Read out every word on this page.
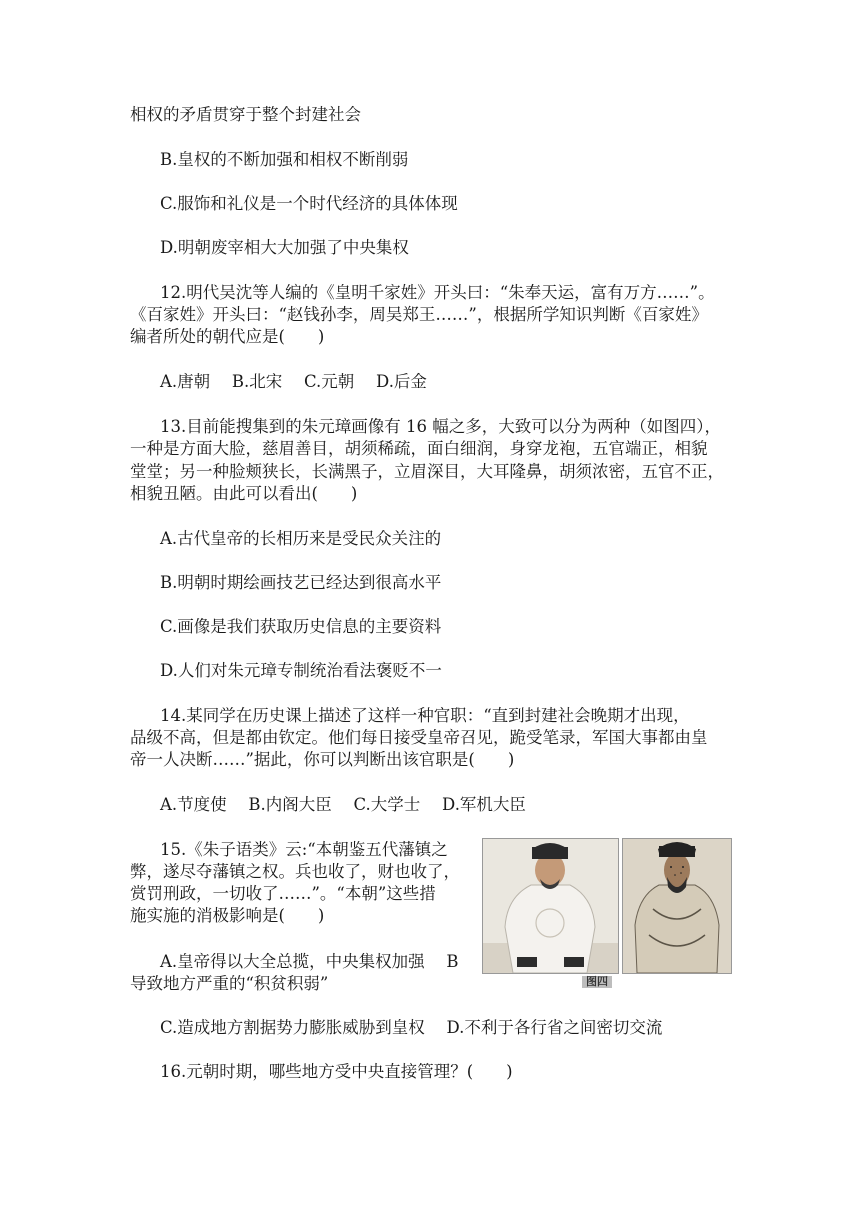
相权的矛盾贯穿于整个封建社会
B.皇权的不断加强和相权不断削弱
C.服饰和礼仪是一个时代经济的具体体现
D.明朝废宰相大大加强了中央集权
12.明代吴沈等人编的《皇明千家姓》开头曰：“朱奉天运，富有万方……”。
《百家姓》开头曰：“赵钱孙李，周吴郑王……”，根据所学知识判断《百家姓》
编者所处的朝代应是(　　)
A.唐朝　 B.北宋　 C.元朝　 D.后金
13.目前能搜集到的朱元璋画像有 16 幅之多，大致可以分为两种（如图四），
一种是方面大脸，慈眉善目，胡须稀疏，面白细润，身穿龙袍，五官端正，相貌
堂堂；另一种脸颊狭长，长满黑子，立眉深目，大耳隆鼻，胡须浓密，五官不正，
相貌丑陋。由此可以看出(　　)
A.古代皇帝的长相历来是受民众关注的
B.明朝时期绘画技艺已经达到很高水平
C.画像是我们获取历史信息的主要资料
D.人们对朱元璋专制统治看法褒贬不一
14.某同学在历史课上描述了这样一种官职：“直到封建社会晚期才出现，
品级不高，但是都由钦定。他们每日接受皇帝召见，跪受笔录，军国大事都由皇
帝一人决断……”据此，你可以判断出该官职是(　　)
A.节度使　 B.内阁大臣　 C.大学士　 D.军机大臣
15.《朱子语类》云:“本朝鉴五代藩镇之
弊，遂尽夺藩镇之权。兵也收了，财也收了，
赏罚刑政，一切收了……”。“本朝”这些措
施实施的消极影响是(　　)
A.皇帝得以大全总揽，中央集权加强　 B
导致地方严重的“积贫积弱”
C.造成地方割据势力膨胀威胁到皇权　 D.不利于各行省之间密切交流
16.元朝时期，哪些地方受中央直接管理？(　　)
图四
